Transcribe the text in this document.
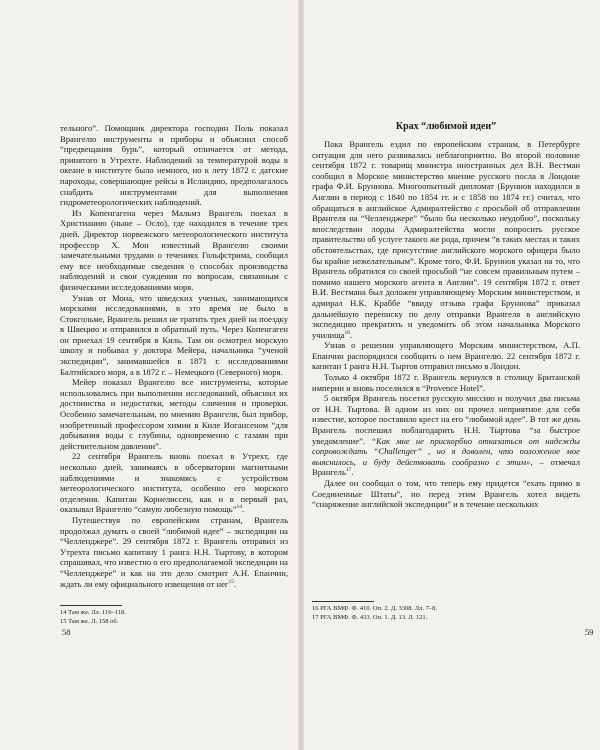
тельного”. Помощник директора господин Поль показал Врангелю инструменты и приборы и объяснил способ “предвещания бурь”, который отличается от метода, принятого в Утрехте. Наблюдений за температурой воды в океане в институте было немного, но к лету 1872 г. датские пароходы, совершающие рейсы в Исландию, предполагалось снабдить инструментами для выполнения гидрометеорологических наблюдений.

Из Копенгагена через Мальмэ Врангель поехал в Христианию (ныне – Осло), где находился в течение трех дней. Директор норвежского метеорологического института профессор Х. Мон известный Врангелю своими замечательными трудами о течениях Гольфстрима, сообщил ему все необходимые сведения о способах производства наблюдений и свои суждения по вопросам, связанным с физическими исследованиями моря.

Узнав от Мона, что шведских ученых, занимающихся морскими исследованиями, в это время не было в Стокгольме, Врангель решил не тратить трех дней на поездку в Швецию и отправился в обратный путь. Через Копенгаген он приехал 19 сентября в Киль. Там он осмотрел морскую школу и побывал у доктора Мейера, начальника “ученой экспедиции”, занимавшейся в 1871 г. исследованиями Балтийского моря, а в 1872 г. – Немецкого (Северного) моря.

Мейер показал Врангелю все инструменты, которые использовались при выполнении исследований, объяснил их достоинства и недостатки, методы сличения и проверки. Особенно замечательным, по мнению Врангеля, был прибор, изобретенный профессором химии в Киле Иогансеном “для добывания воды с глубины, одновременно с газами при действительном давлении”.

22 сентября Врангель вновь поехал в Утрехт, где несколько дней, занимаясь в обсерватории магнитными наблюдениями и знакомясь с устройством метеорологического института, особенно его морского отделения. Капитан Корнелиссен, как и в первый раз, оказывал Врангелю “самую любезную помощь”$^{14}$.

Путешествуя по европейским странам, Врангель продолжал думать о своей “любимой идее” – экспедиции на “Челленджере”. 29 сентября 1872 г. Врангель отправил из Утрехта письмо капитану 1 ранга Н.Н. Тыртову, в котором спрашивал, что известно о его предполагаемой экспедиции на “Челленджере” и как на это дело смотрит А.Н. Епанчин, ждать ли ему официального извещения от нег$^{15}$.

14 Там же. Лл. 116–118.
15 Там же. Л. 158 об.
58
Крах “любимой идеи”

Пока Врангель ездил по европейским странам, в Петербурге ситуация для него развивалась неблагоприятно. Во второй половине сентября 1872 г. товарищ министра иностранных дел В.Н. Вестман сообщил в Морское министерство мнение русского посла в Лондоне графа Ф.И. Бруннова. Многоопытный дипломат (Бруннов находился в Англии в период с 1840 по 1854 гг. и с 1858 по 1874 гг.) считал, что обращаться в английское Адмиралтейство с просьбой об отправлении Врангеля на “Челленджере” “было бы несколько неудобно”, поскольку впоследствии лорды Адмиралтейства могли попросить русское правительство об услуге такого же рода, причем “в таких местах и таких обстоятельствах, где присутствие английского морского офицера было бы крайне нежелательным”. Кроме того, Ф.И. Бруннов указал на то, что Врангель обратился со своей просьбой “не совсем правильным путем – помимо нашего морского агента в Англии”. 19 сентября 1872 г. ответ В.И. Вестмана был доложен управляющему Морским министерством, и адмирал Н.К. Краббе “ввиду отзыва графа Бруннова” приказал дальнейшую переписку по делу отправки Врангеля в английскую экспедицию прекратить и уведомить об этом начальника Морского училища$^{16}$.

Узнав о решении управляющего Морским министерством, А.П. Епанчин распорядился сообщить о нем Врангелю. 22 сентября 1872 г. капитан 1 ранга Н.Н. Тыртов отправил письмо в Лондон.

Только 4 октября 1872 г. Врангель вернулся в столицу Британской империи и вновь поселился в “Provence Hotel”.

5 октября Врангель посетил русскую миссию и получил два письма от Н.Н. Тыртова. В одном из них он прочел неприятное для себя известие, которое поставило крест на его “любимой идее”. В тот же день Врангель поспешил поблагодарить Н.Н. Тыртова “за быстрое уведомление”. “Как мне не прискорбно отказаться от надежды сопровождать “Challenger” , но я доволен, что положение мое выяснилось, и буду действовать сообразно с этим», – отмечал Врангель$^{17}$.

Далее он сообщал о том, что теперь ему придется “ехать прямо в Соединенные Штаты”, но перед этим Врангель хотел видеть “снаряжение английской экспедиции” и в течение нескольких

16 РГА ВМФ. Ф. 410. Оп. 2. Д. 3308. Лл. 7–8.
17 РГА ВМФ. Ф. 433. Оп. 1. Д. 13. Л. 121.
59
